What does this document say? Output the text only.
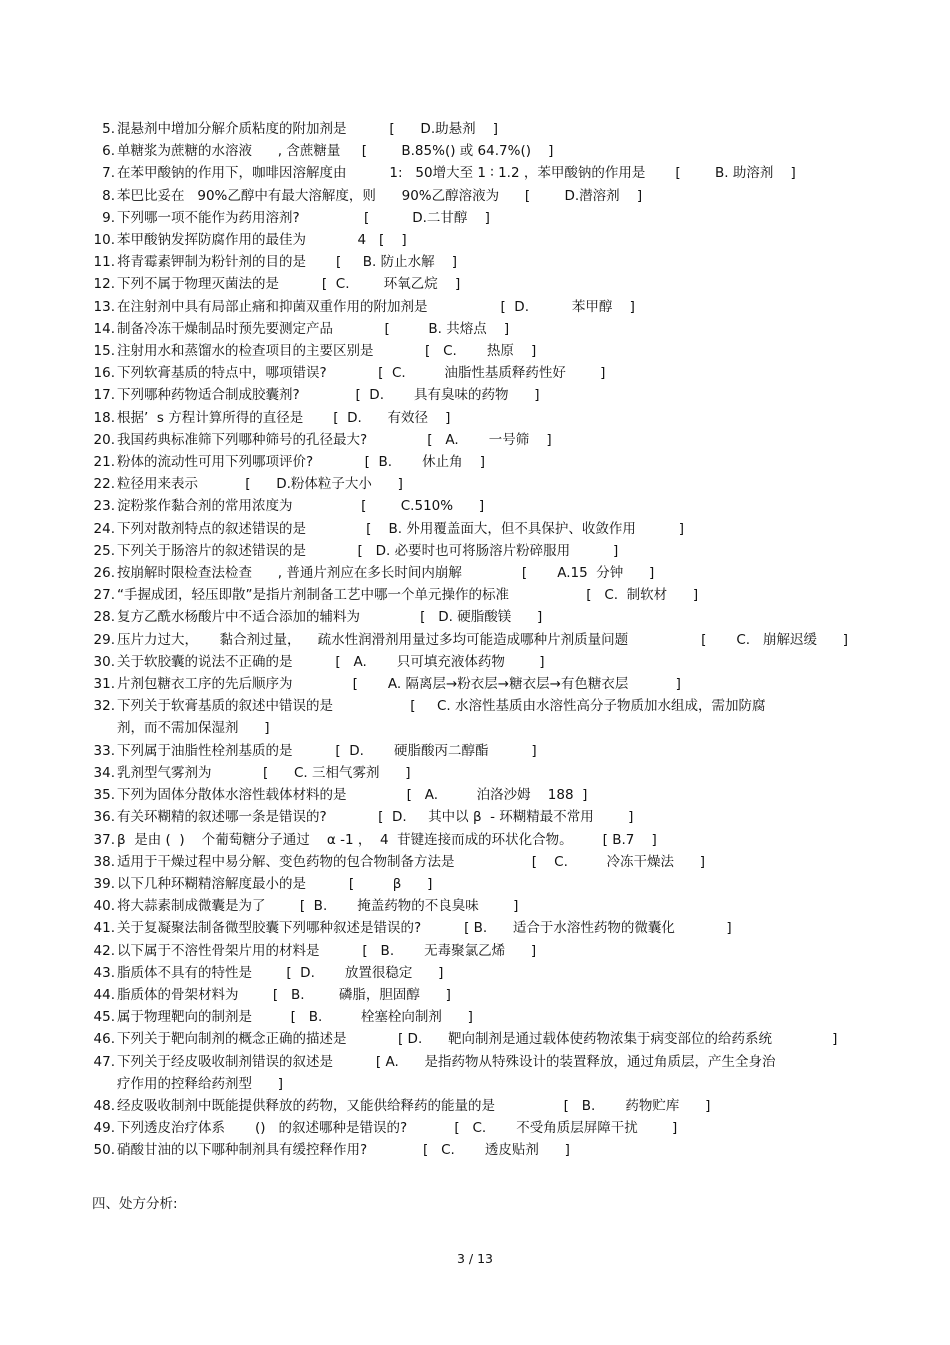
5. 混悬剂中增加分解介质粘度的附加剂是          [      D.助悬剂    ]
6. 单糖浆为蔗糖的水溶液      , 含蔗糖量     [        B.85%() 或 64.7%()    ]
7. 在苯甲酸钠的作用下，咖啡因溶解度由          1:   50增大至 1 ∶ 1.2 ，苯甲酸钠的作用是       [        B. 助溶剂    ]
8. 苯巴比妥在   90%乙醇中有最大溶解度，则      90%乙醇溶液为      [        D.潜溶剂    ]
9. 下列哪一项不能作为药用溶剂?               [          D.二甘醇    ]
10. 苯甲酸钠发挥防腐作用的最佳为            4   [    ]
11. 将青霉素钾制为粉针剂的目的是       [     B. 防止水解    ]
12. 下列不属于物理灭菌法的是          [  C.        环氧乙烷    ]
13. 在注射剂中具有局部止痛和抑菌双重作用的附加剂是                 [  D.          苯甲醇    ]
14. 制备冷冻干燥制品时预先要测定产品            [         B. 共熔点    ]
15. 注射用水和蒸馏水的检查项目的主要区别是            [   C.       热原    ]
16. 下列软膏基质的特点中，哪项错误?            [  C.         油脂性基质释药性好        ]
17. 下列哪种药物适合制成胶囊剂?             [  D.       具有臭味的药物      ]
18. 根据’  s 方程计算所得的直径是       [  D.      有效径    ]
20. 我国药典标准筛下列哪种筛号的孔径最大?              [   A.       一号筛    ]
21. 粉体的流动性可用下列哪项评价?            [  B.       休止角    ]
22. 粒径用来表示           [      D.粉体粒子大小      ]
23. 淀粉浆作黏合剂的常用浓度为                [        C.510%      ]
24. 下列对散剂特点的叙述错误的是              [    B. 外用覆盖面大，但不具保护、收敛作用          ]
25. 下列关于肠溶片的叙述错误的是            [   D. 必要时也可将肠溶片粉碎服用          ]
26. 按崩解时限检查法检查      , 普通片剂应在多长时间内崩解              [       A.15  分钟      ]
27. “手握成团，轻压即散”是指片剂制备工艺中哪一个单元操作的标准                  [   C.  制软材      ]
28. 复方乙酰水杨酸片中不适合添加的辅料为              [   D. 硬脂酸镁      ]
29. 压片力过大，     黏合剂过量，    疏水性润滑剂用量过多均可能造成哪种片剂质量问题                 [       C.   崩解迟缓      ]
30. 关于软胶囊的说法不正确的是          [   A.       只可填充液体药物        ]
31. 片剂包糖衣工序的先后顺序为              [       A. 隔离层→粉衣层→糖衣层→有色糖衣层           ]
32. 下列关于软膏基质的叙述中错误的是                  [     C. 水溶性基质由水溶性高分子物质加水组成，需加防腐
剂，而不需加保湿剂      ]
33. 下列属于油脂性栓剂基质的是          [  D.       硬脂酸丙二醇酯          ]
34. 乳剂型气雾剂为            [      C. 三相气雾剂      ]
35. 下列为固体分散体水溶性载体材料的是              [   A.         泊洛沙姆    188  ]
36. 有关环糊精的叙述哪一条是错误的?            [  D.     其中以 β  - 环糊精最不常用        ]
37. β  是由 (  )    个葡萄糖分子通过    α -1 ，  4  苷键连接而成的环状化合物。       [ B.7    ]
38. 适用于干燥过程中易分解、变色药物的包合物制备方法是                  [    C.         冷冻干燥法      ]
39. 以下几种环糊精溶解度最小的是          [         β      ]
40. 将大蒜素制成微囊是为了        [  B.       掩盖药物的不良臭味        ]
41. 关于复凝聚法制备微型胶囊下列哪种叙述是错误的?          [ B.      适合于水溶性药物的微囊化            ]
42. 以下属于不溶性骨架片用的材料是          [   B.       无毒聚氯乙烯      ]
43. 脂质体不具有的特性是        [  D.       放置很稳定      ]
44. 脂质体的骨架材料为        [   B.        磷脂，胆固醇      ]
45. 属于物理靶向的制剂是         [   B.         栓塞栓向制剂      ]
46. 下列关于靶向制剂的概念正确的描述是            [ D.      靶向制剂是通过载体使药物浓集于病变部位的给药系统              ]
47. 下列关于经皮吸收制剂错误的叙述是          [ A.      是指药物从特殊设计的装置释放，通过角质层，产生全身治
疗作用的控释给药剂型      ]
48. 经皮吸收制剂中既能提供释放的药物，又能供给释药的能量的是                [   B.       药物贮库      ]
49. 下列透皮治疗体系       ()   的叙述哪种是错误的?           [   C.       不受角质层屏障干扰        ]
50. 硝酸甘油的以下哪种制剂具有缓控释作用?             [   C.       透皮贴剂      ]
四、处方分析:
3 / 13
